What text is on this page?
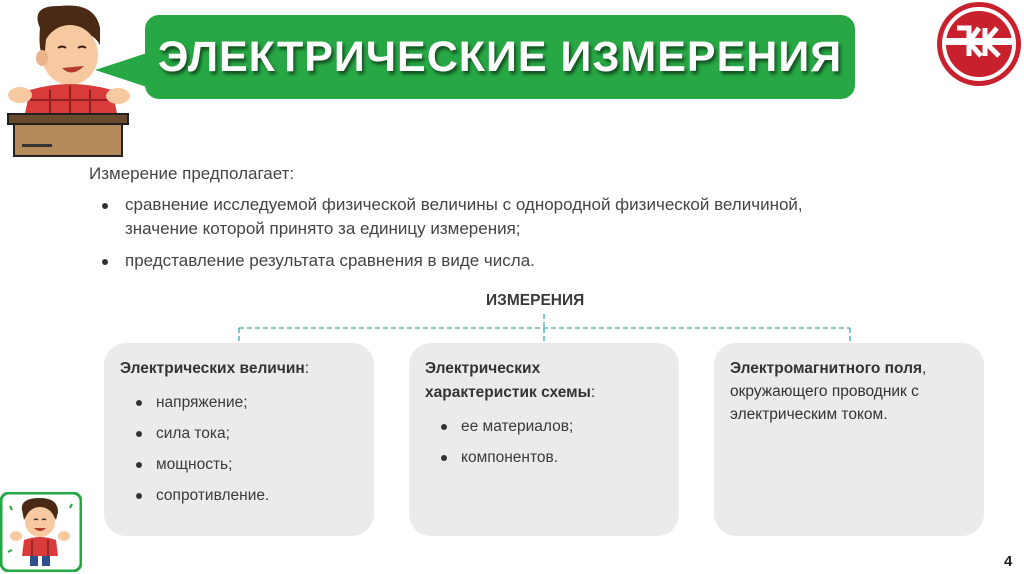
ЭЛЕКТРИЧЕСКИЕ ИЗМЕРЕНИЯ
Измерение предполагает:
сравнение исследуемой физической величины с однородной физической величиной, значение которой принято за единицу измерения;
представление результата сравнения в виде числа.
ИЗМЕРЕНИЯ
Электрических величин:
напряжение;
сила тока;
мощность;
сопротивление.
Электрических характеристик схемы:
ее материалов;
компонентов.
Электромагнитного поля, окружающего проводник с электрическим током.
4
